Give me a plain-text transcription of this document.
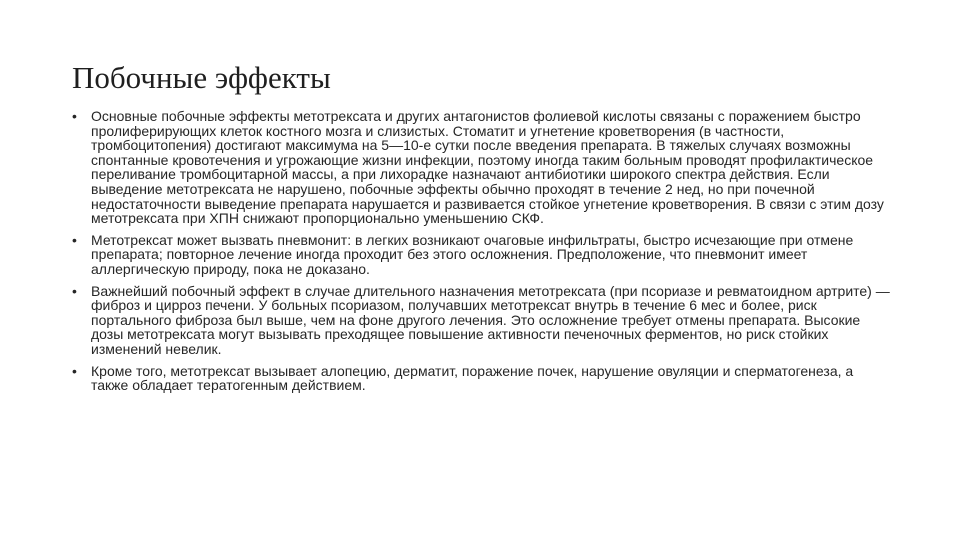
Побочные эффекты
•	Основные побочные эффекты метотрексата и других антагонистов фолиевой кислоты связаны с поражением быстро пролиферирующих клеток костного мозга и слизистых. Стоматит и угнетение кроветворения (в частности, тромбоцитопения) достигают максимума на 5—10-е сутки после введения препарата. В тяжелых случаях возможны спонтанные кровотечения и угрожающие жизни инфекции, поэтому иногда таким больным проводят профилактическое переливание тромбоцитарной массы, а при лихорадке назначают антибиотики широкого спектра действия. Если выведение метотрексата не нарушено, побочные эффекты обычно проходят в течение 2 нед, но при почечной недостаточности выведение препарата нарушается и развивается стойкое угнетение кроветворения. В связи с этим дозу метотрексата при ХПН снижают пропорционально уменьшению СКФ.
•	Метотрексат может вызвать пневмонит: в легких возникают очаговые инфильтраты, быстро исчезающие при отмене препарата; повторное лечение иногда проходит без этого осложнения. Предположение, что пневмонит имеет аллергическую природу, пока не доказано.
•	Важнейший побочный эффект в случае длительного назначения метотрексата (при псориазе и ревматоидном артрите) — фиброз и цирроз печени. У больных псориазом, получавших метотрексат внутрь в течение 6 мес и более, риск портального фиброза был выше, чем на фоне другого лечения. Это осложнение требует отмены препарата. Высокие дозы метотрексата могут вызывать преходящее повышение активности печеночных ферментов, но риск стойких изменений невелик.
•	Кроме того, метотрексат вызывает алопецию, дерматит, поражение почек, нарушение овуляции и сперматогенеза, а также обладает тератогенным действием.
